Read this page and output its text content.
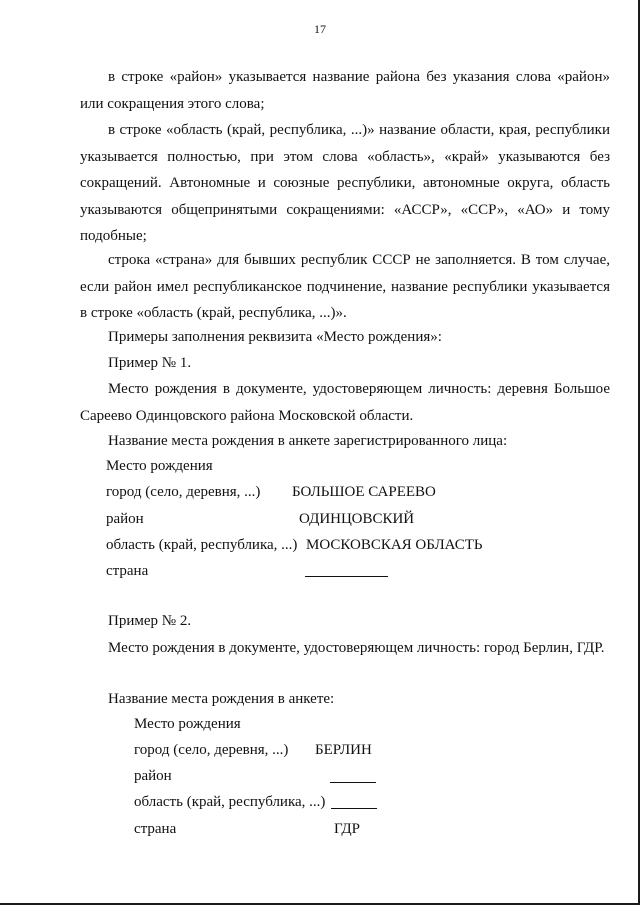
17

в строке «район» указывается название района без указания слова «район» или сокращения этого слова;

в строке «область (край, республика, ...)» название области, края, республики указывается полностью, при этом слова «область», «край» указываются без сокращений. Автономные и союзные республики, автономные округа, область указываются общепринятыми сокращениями: «АССР», «ССР», «АО» и тому подобные;

строка «страна» для бывших республик СССР не заполняется. В том случае, если район имел республиканское подчинение, название республики указывается в строке «область (край, республика, ...)».

Примеры заполнения реквизита «Место рождения»:

Пример № 1.

Место рождения в документе, удостоверяющем личность: деревня Большое Сареево Одинцовского района Московской области.

Название места рождения в анкете зарегистрированного лица:

Место рождения
город (село, деревня, ...) БОЛЬШОЕ САРЕЕВО
район	ОДИНЦОВСКИЙ
область (край, республика, ...) МОСКОВСКАЯ ОБЛАСТЬ
страна

Пример № 2.

Место рождения в документе, удостоверяющем личность: город Берлин, ГДР.

Название места рождения в анкете:

Место рождения
город (село, деревня, ...) БЕРЛИН
район
область (край, республика, ...)
страна	ГДР
